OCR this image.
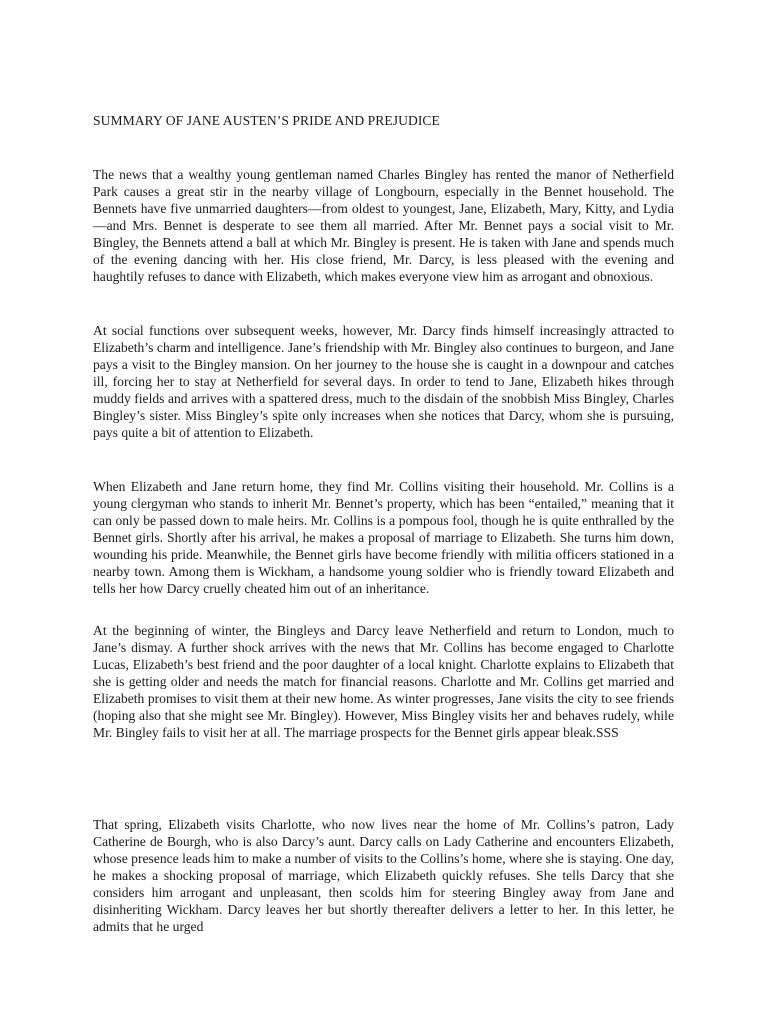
SUMMARY OF JANE AUSTEN’S PRIDE AND PREJUDICE

The news that a wealthy young gentleman named Charles Bingley has rented the manor of Netherfield Park causes a great stir in the nearby village of Longbourn, especially in the Bennet household. The Bennets have five unmarried daughters—from oldest to youngest, Jane, Elizabeth, Mary, Kitty, and Lydia—and Mrs. Bennet is desperate to see them all married. After Mr. Bennet pays a social visit to Mr. Bingley, the Bennets attend a ball at which Mr. Bingley is present. He is taken with Jane and spends much of the evening dancing with her. His close friend, Mr. Darcy, is less pleased with the evening and haughtily refuses to dance with Elizabeth, which makes everyone view him as arrogant and obnoxious.

At social functions over subsequent weeks, however, Mr. Darcy finds himself increasingly attracted to Elizabeth’s charm and intelligence. Jane’s friendship with Mr. Bingley also continues to burgeon, and Jane pays a visit to the Bingley mansion. On her journey to the house she is caught in a downpour and catches ill, forcing her to stay at Netherfield for several days. In order to tend to Jane, Elizabeth hikes through muddy fields and arrives with a spattered dress, much to the disdain of the snobbish Miss Bingley, Charles Bingley’s sister. Miss Bingley’s spite only increases when she notices that Darcy, whom she is pursuing, pays quite a bit of attention to Elizabeth.

When Elizabeth and Jane return home, they find Mr. Collins visiting their household. Mr. Collins is a young clergyman who stands to inherit Mr. Bennet’s property, which has been “entailed,” meaning that it can only be passed down to male heirs. Mr. Collins is a pompous fool, though he is quite enthralled by the Bennet girls. Shortly after his arrival, he makes a proposal of marriage to Elizabeth. She turns him down, wounding his pride. Meanwhile, the Bennet girls have become friendly with militia officers stationed in a nearby town. Among them is Wickham, a handsome young soldier who is friendly toward Elizabeth and tells her how Darcy cruelly cheated him out of an inheritance.

At the beginning of winter, the Bingleys and Darcy leave Netherfield and return to London, much to Jane’s dismay. A further shock arrives with the news that Mr. Collins has become engaged to Charlotte Lucas, Elizabeth’s best friend and the poor daughter of a local knight. Charlotte explains to Elizabeth that she is getting older and needs the match for financial reasons. Charlotte and Mr. Collins get married and Elizabeth promises to visit them at their new home. As winter progresses, Jane visits the city to see friends (hoping also that she might see Mr. Bingley). However, Miss Bingley visits her and behaves rudely, while Mr. Bingley fails to visit her at all. The marriage prospects for the Bennet girls appear bleak.SSS

That spring, Elizabeth visits Charlotte, who now lives near the home of Mr. Collins’s patron, Lady Catherine de Bourgh, who is also Darcy’s aunt. Darcy calls on Lady Catherine and encounters Elizabeth, whose presence leads him to make a number of visits to the Collins’s home, where she is staying. One day, he makes a shocking proposal of marriage, which Elizabeth quickly refuses. She tells Darcy that she considers him arrogant and unpleasant, then scolds him for steering Bingley away from Jane and disinheriting Wickham. Darcy leaves her but shortly thereafter delivers a letter to her. In this letter, he admits that he urged
